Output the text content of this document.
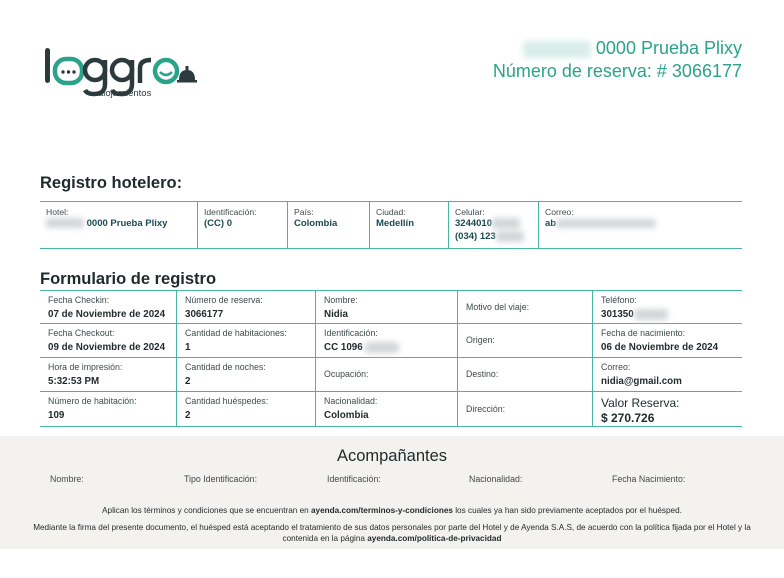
alojamientos
0000 Prueba Plixy
Número de reserva: # 3066177
Registro hotelero:
Hotel:
0000 Prueba Plixy
Identificación:
(CC) 0
País:
Colombia
Ciudad:
Medellín
Celular:
3244010
(034) 123
Correo:
ab
Formulario de registro
Fecha Checkin:
07 de Noviembre de 2024
Número de reserva:
3066177
Nombre:
Nidia
Motivo del viaje:
Teléfono:
301350
Fecha Checkout:
09 de Noviembre de 2024
Cantidad de habitaciones:
1
Identificación:
CC 1096
Origen:
Fecha de nacimiento:
06 de Noviembre de 2024
Hora de impresión:
5:32:53 PM
Cantidad de noches:
2
Ocupación:	Destino:
Correo:
nidia@gmail.com
Número de habitación:
109
Cantidad huéspedes:
2
Nacionalidad:
Colombia
Dirección:	Valor Reserva:
$ 270.726
Acompañantes
Nombre:	Tipo Identificación:	Identificación:	Nacionalidad:	Fecha Nacimiento:
Aplican los términos y condiciones que se encuentran en ayenda.com/terminos-y-condiciones los cuales ya han sido previamente aceptados por el huésped.
Mediante la firma del presente documento, el huésped está aceptando el tratamiento de sus datos personales por parte del Hotel y de Ayenda S.A.S, de acuerdo con la política fijada por el Hotel y la contenida en la página ayenda.com/politica-de-privacidad
